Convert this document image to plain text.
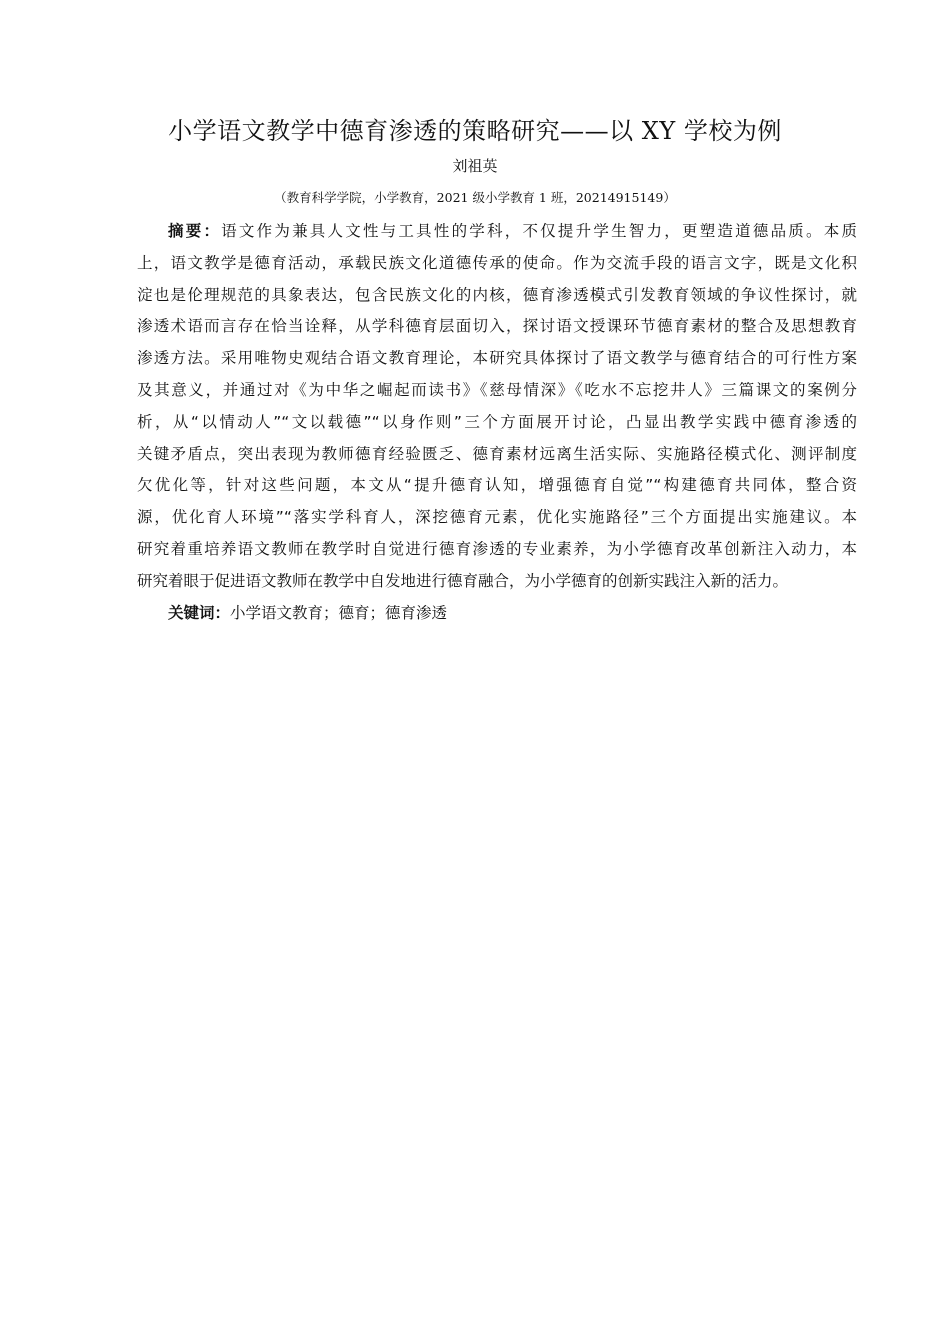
小学语文教学中德育渗透的策略研究——以 XY 学校为例
刘祖英
（教育科学学院，小学教育，2021 级小学教育 1 班，20214915149）
摘要：语文作为兼具人文性与工具性的学科，不仅提升学生智力，更塑造道德品质。本质
上，语文教学是德育活动，承载民族文化道德传承的使命。作为交流手段的语言文字，既是文化积
淀也是伦理规范的具象表达，包含民族文化的内核，德育渗透模式引发教育领域的争议性探讨，就
渗透术语而言存在恰当诠释，从学科德育层面切入，探讨语文授课环节德育素材的整合及思想教育
渗透方法。采用唯物史观结合语文教育理论，本研究具体探讨了语文教学与德育结合的可行性方案
及其意义，并通过对《为中华之崛起而读书》《慈母情深》《吃水不忘挖井人》三篇课文的案例分
析，从“以情动人”“文以载德”“以身作则”三个方面展开讨论，凸显出教学实践中德育渗透的
关键矛盾点，突出表现为教师德育经验匮乏、德育素材远离生活实际、实施路径模式化、测评制度
欠优化等，针对这些问题，本文从“提升德育认知，增强德育自觉”“构建德育共同体，整合资
源，优化育人环境”“落实学科育人，深挖德育元素，优化实施路径”三个方面提出实施建议。本
研究着重培养语文教师在教学时自觉进行德育渗透的专业素养，为小学德育改革创新注入动力，本
研究着眼于促进语文教师在教学中自发地进行德育融合，为小学德育的创新实践注入新的活力。
关键词：小学语文教育；德育；德育渗透
